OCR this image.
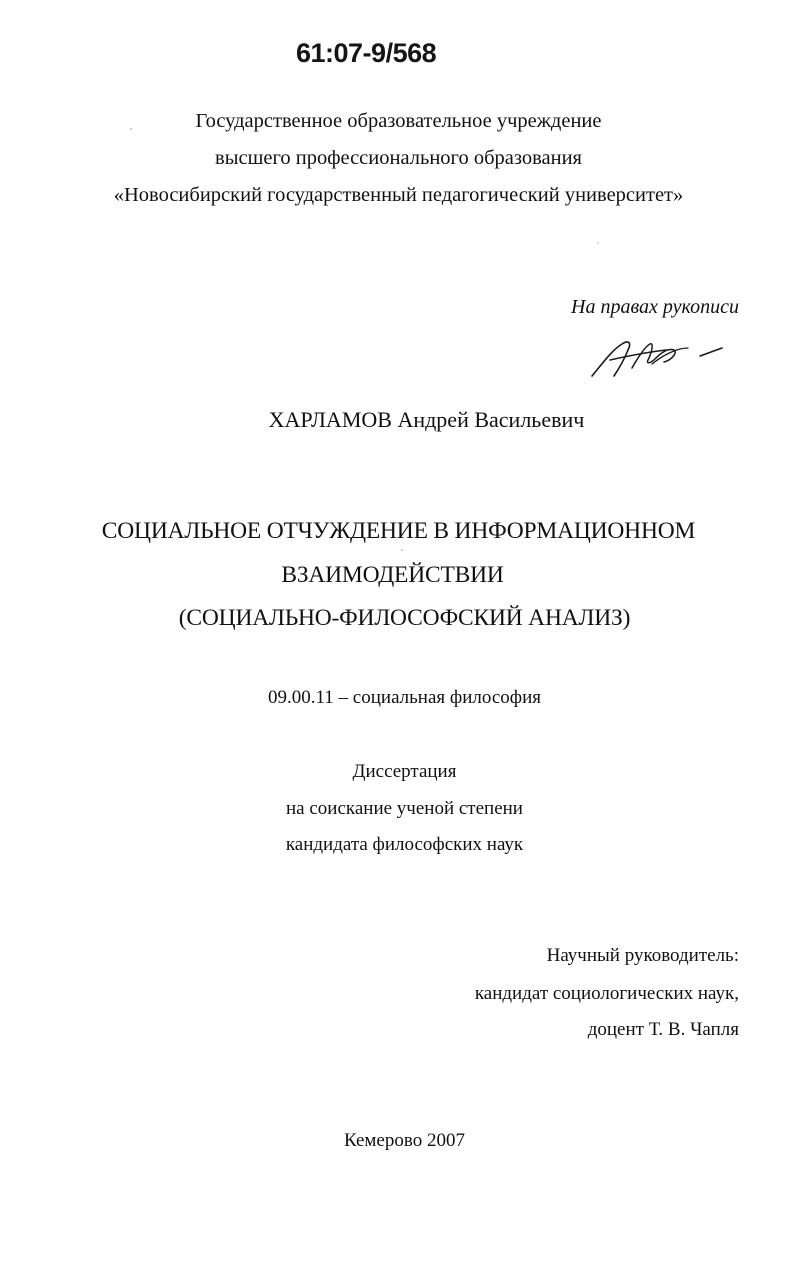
61:07-9/568
Государственное образовательное учреждение
высшего профессионального образования
«Новосибирский государственный педагогический университет»
На правах рукописи
ХАРЛАМОВ Андрей Васильевич
СОЦИАЛЬНОЕ ОТЧУЖДЕНИЕ В ИНФОРМАЦИОННОМ
ВЗАИМОДЕЙСТВИИ
(СОЦИАЛЬНО-ФИЛОСОФСКИЙ АНАЛИЗ)
09.00.11 – социальная философия
Диссертация
на соискание ученой степени
кандидата философских наук
Научный руководитель:
кандидат социологических наук,
доцент Т. В. Чапля
Кемерово 2007
